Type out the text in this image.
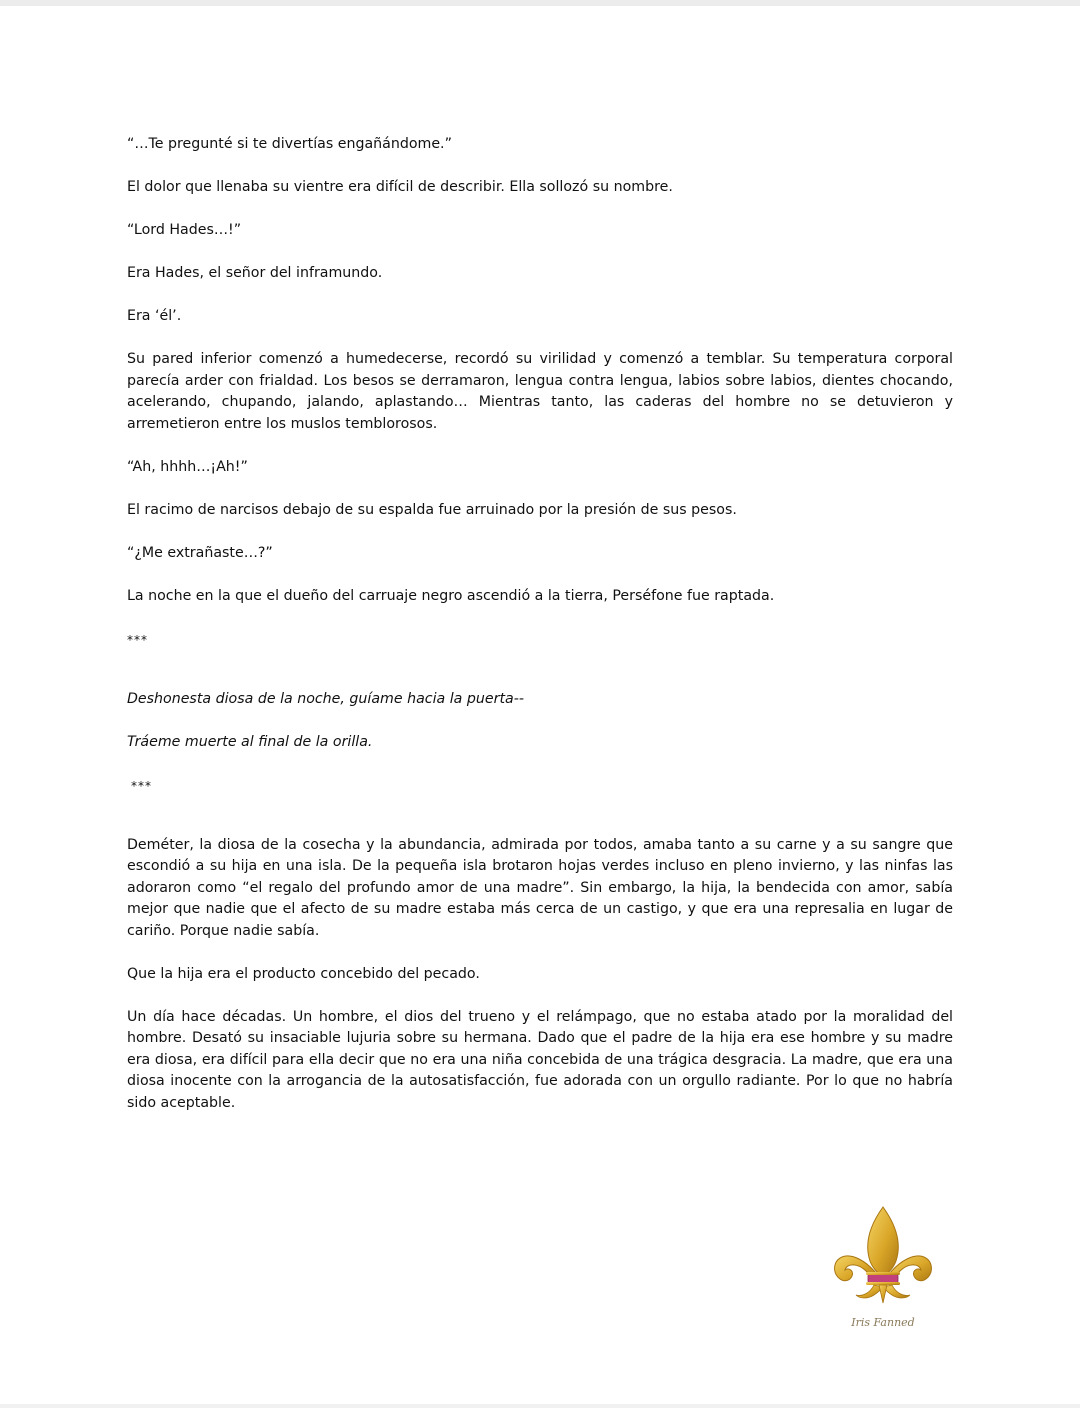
“…Te pregunté si te divertías engañándome.”

El dolor que llenaba su vientre era difícil de describir. Ella sollozó su nombre.

“Lord Hades…!”

Era Hades, el señor del inframundo.

Era ‘él’.

Su pared inferior comenzó a humedecerse, recordó su virilidad y comenzó a temblar. Su temperatura corporal parecía arder con frialdad. Los besos se derramaron, lengua contra lengua, labios sobre labios, dientes chocando, acelerando, chupando, jalando, aplastando… Mientras tanto, las caderas del hombre no se detuvieron y arremetieron entre los muslos temblorosos.

“Ah, hhhh…¡Ah!”

El racimo de narcisos debajo de su espalda fue arruinado por la presión de sus pesos.

“¿Me extrañaste…?”

La noche en la que el dueño del carruaje negro ascendió a la tierra, Perséfone fue raptada.

***

Deshonesta diosa de la noche, guíame hacia la puerta--

Tráeme muerte al final de la orilla.

***

Deméter, la diosa de la cosecha y la abundancia, admirada por todos, amaba tanto a su carne y a su sangre que escondió a su hija en una isla. De la pequeña isla brotaron hojas verdes incluso en pleno invierno, y las ninfas las adoraron como “el regalo del profundo amor de una madre”. Sin embargo, la hija, la bendecida con amor, sabía mejor que nadie que el afecto de su madre estaba más cerca de un castigo, y que era una represalia en lugar de cariño. Porque nadie sabía.

Que la hija era el producto concebido del pecado.

Un día hace décadas. Un hombre, el dios del trueno y el relámpago, que no estaba atado por la moralidad del hombre. Desató su insaciable lujuria sobre su hermana. Dado que el padre de la hija era ese hombre y su madre era diosa, era difícil para ella decir que no era una niña concebida de una trágica desgracia. La madre, que era una diosa inocente con la arrogancia de la autosatisfacción, fue adorada con un orgullo radiante. Por lo que no habría sido aceptable.

Iris Fanned
